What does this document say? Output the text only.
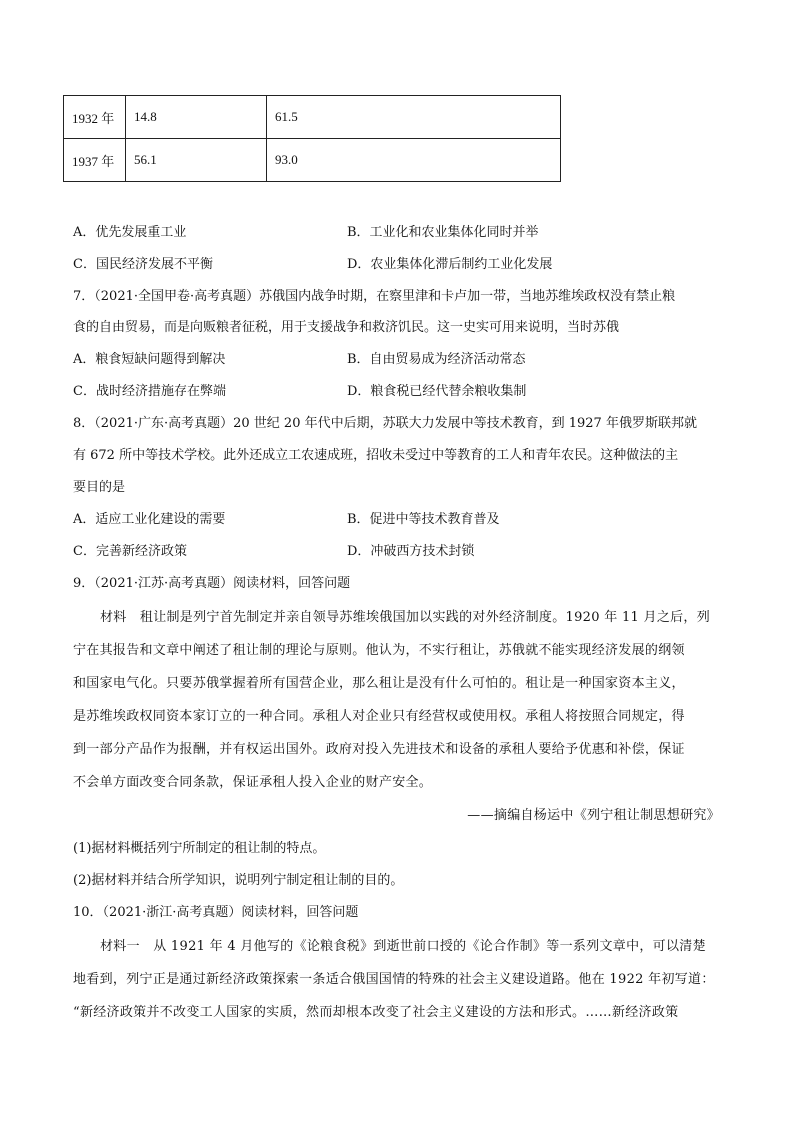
1932 年	14.8	61.5
1937 年	56.1	93.0
A．优先发展重工业	B．工业化和农业集体化同时并举
C．国民经济发展不平衡	D．农业集体化滞后制约工业化发展
7．（2021·全国甲卷·高考真题）苏俄国内战争时期，在察里津和卡卢加一带，当地苏维埃政权没有禁止粮
食的自由贸易，而是向贩粮者征税，用于支援战争和救济饥民。这一史实可用来说明，当时苏俄
A．粮食短缺问题得到解决	B．自由贸易成为经济活动常态
C．战时经济措施存在弊端	D．粮食税已经代替余粮收集制
8．（2021·广东·高考真题）20 世纪 20 年代中后期，苏联大力发展中等技术教育，到 1927 年俄罗斯联邦就
有 672 所中等技术学校。此外还成立工农速成班，招收未受过中等教育的工人和青年农民。这种做法的主
要目的是
A．适应工业化建设的需要	B．促进中等技术教育普及
C．完善新经济政策	D．冲破西方技术封锁
9．（2021·江苏·高考真题）阅读材料，回答问题
材料　租让制是列宁首先制定并亲自领导苏维埃俄国加以实践的对外经济制度。1920 年 11 月之后，列
宁在其报告和文章中阐述了租让制的理论与原则。他认为，不实行租让，苏俄就不能实现经济发展的纲领
和国家电气化。只要苏俄掌握着所有国营企业，那么租让是没有什么可怕的。租让是一种国家资本主义，
是苏维埃政权同资本家订立的一种合同。承租人对企业只有经营权或使用权。承租人将按照合同规定，得
到一部分产品作为报酬，并有权运出国外。政府对投入先进技术和设备的承租人要给予优惠和补偿，保证
不会单方面改变合同条款，保证承租人投入企业的财产安全。
——摘编自杨运中《列宁租让制思想研究》
(1)据材料概括列宁所制定的租让制的特点。
(2)据材料并结合所学知识，说明列宁制定租让制的目的。
10．（2021·浙江·高考真题）阅读材料，回答问题
材料一　从 1921 年 4 月他写的《论粮食税》到逝世前口授的《论合作制》等一系列文章中，可以清楚
地看到，列宁正是通过新经济政策探索一条适合俄国国情的特殊的社会主义建设道路。他在 1922 年初写道：
“新经济政策并不改变工人国家的实质，然而却根本改变了社会主义建设的方法和形式。……新经济政策
